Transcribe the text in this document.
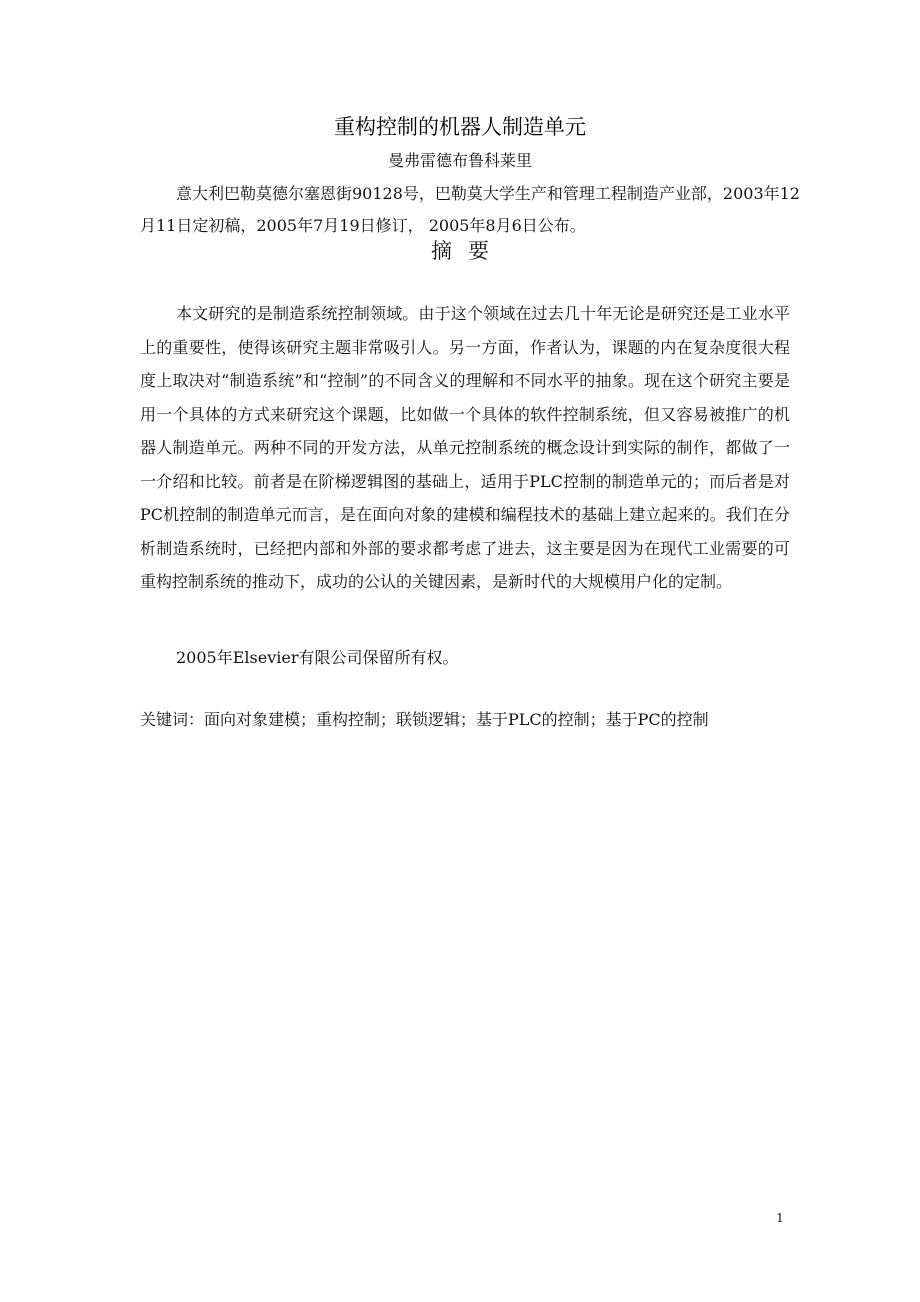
重构控制的机器人制造单元
曼弗雷德布鲁科莱里
意大利巴勒莫德尔塞恩街90128号，巴勒莫大学生产和管理工程制造产业部，2003年12月11日定初稿，2005年7月19日修订， 2005年8月6日公布。
摘要
本文研究的是制造系统控制领域。由于这个领域在过去几十年无论是研究还是工业水平上的重要性，使得该研究主题非常吸引人。另一方面，作者认为，课题的内在复杂度很大程度上取决对“制造系统”和“控制”的不同含义的理解和不同水平的抽象。现在这个研究主要是用一个具体的方式来研究这个课题，比如做一个具体的软件控制系统，但又容易被推广的机器人制造单元。两种不同的开发方法，从单元控制系统的概念设计到实际的制作，都做了一一介绍和比较。前者是在阶梯逻辑图的基础上，适用于PLC控制的制造单元的；而后者是对PC机控制的制造单元而言，是在面向对象的建模和编程技术的基础上建立起来的。我们在分析制造系统时，已经把内部和外部的要求都考虑了进去，这主要是因为在现代工业需要的可重构控制系统的推动下，成功的公认的关键因素，是新时代的大规模用户化的定制。
2005年Elsevier有限公司保留所有权。
关键词：面向对象建模；重构控制；联锁逻辑；基于PLC的控制；基于PC的控制
1
